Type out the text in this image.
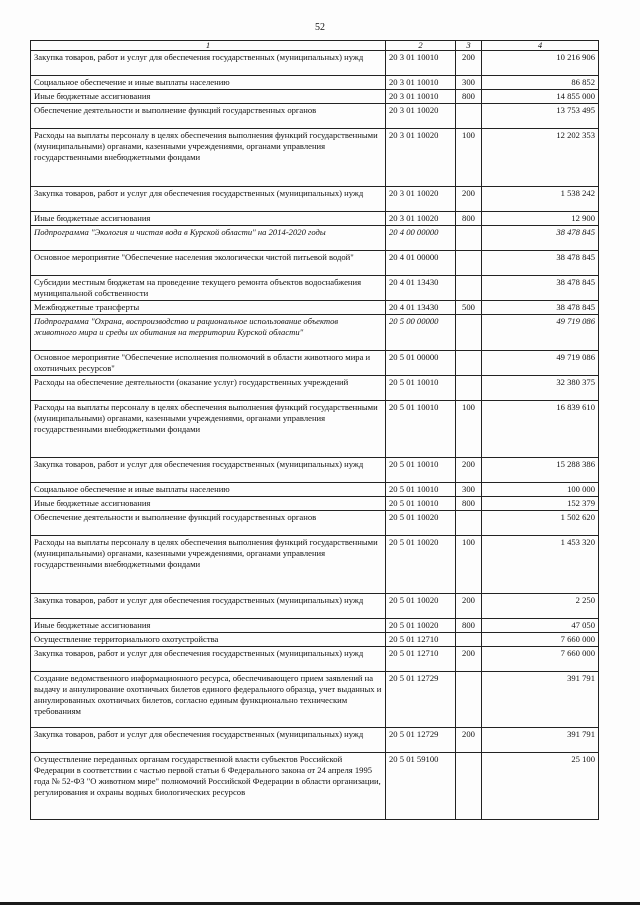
52
1	2	3	4
Закупка товаров, работ и услуг для обеспечения государственных (муниципальных) нужд	20 3 01 10010	200	10 216 906
Социальное обеспечение и иные выплаты населению	20 3 01 10010	300	86 852
Иные бюджетные ассигнования	20 3 01 10010	800	14 855 000
Обеспечение деятельности и выполнение функций государственных органов	20 3 01 10020		13 753 495
Расходы на выплаты персоналу в целях обеспечения выполнения функций государственными (муниципальными) органами, казенными учреждениями, органами управления государственными внебюджетными фондами	20 3 01 10020	100	12 202 353
Закупка товаров, работ и услуг для обеспечения государственных (муниципальных) нужд	20 3 01 10020	200	1 538 242
Иные бюджетные ассигнования	20 3 01 10020	800	12 900
Подпрограмма "Экология и чистая вода в Курской области" на 2014-2020 годы	20 4 00 00000		38 478 845
Основное мероприятие "Обеспечение населения экологически чистой питьевой водой"	20 4 01 00000		38 478 845
Субсидии местным бюджетам на проведение текущего ремонта объектов водоснабжения муниципальной собственности	20 4 01 13430		38 478 845
Межбюджетные трансферты	20 4 01 13430	500	38 478 845
Подпрограмма "Охрана, воспроизводство и рациональное использование объектов животного мира и среды их обитания на территории Курской области"	20 5 00 00000		49 719 086
Основное мероприятие "Обеспечение исполнения полномочий в области животного мира и охотничьих ресурсов"	20 5 01 00000		49 719 086
Расходы на обеспечение деятельности (оказание услуг) государственных учреждений	20 5 01 10010		32 380 375
Расходы на выплаты персоналу в целях обеспечения выполнения функций государственными (муниципальными) органами, казенными учреждениями, органами управления государственными внебюджетными фондами	20 5 01 10010	100	16 839 610
Закупка товаров, работ и услуг для обеспечения государственных (муниципальных) нужд	20 5 01 10010	200	15 288 386
Социальное обеспечение и иные выплаты населению	20 5 01 10010	300	100 000
Иные бюджетные ассигнования	20 5 01 10010	800	152 379
Обеспечение деятельности и выполнение функций государственных органов	20 5 01 10020		1 502 620
Расходы на выплаты персоналу в целях обеспечения выполнения функций государственными (муниципальными) органами, казенными учреждениями, органами управления государственными внебюджетными фондами	20 5 01 10020	100	1 453 320
Закупка товаров, работ и услуг для обеспечения государственных (муниципальных) нужд	20 5 01 10020	200	2 250
Иные бюджетные ассигнования	20 5 01 10020	800	47 050
Осуществление территориального охотустройства	20 5 01 12710		7 660 000
Закупка товаров, работ и услуг для обеспечения государственных (муниципальных) нужд	20 5 01 12710	200	7 660 000
Создание ведомственного информационного ресурса, обеспечивающего прием заявлений на выдачу и аннулирование охотничьих билетов единого федерального образца, учет выданных и аннулированных охотничьих билетов, согласно единым функционально техническим требованиям	20 5 01 12729		391 791
Закупка товаров, работ и услуг для обеспечения государственных (муниципальных) нужд	20 5 01 12729	200	391 791
Осуществление переданных органам государственной власти субъектов Российской Федерации в соответствии с частью первой статьи 6 Федерального закона от 24 апреля 1995 года № 52-ФЗ "О животном мире" полномочий Российской Федерации в области организации, регулирования и охраны водных биологических ресурсов	20 5 01 59100		25 100
